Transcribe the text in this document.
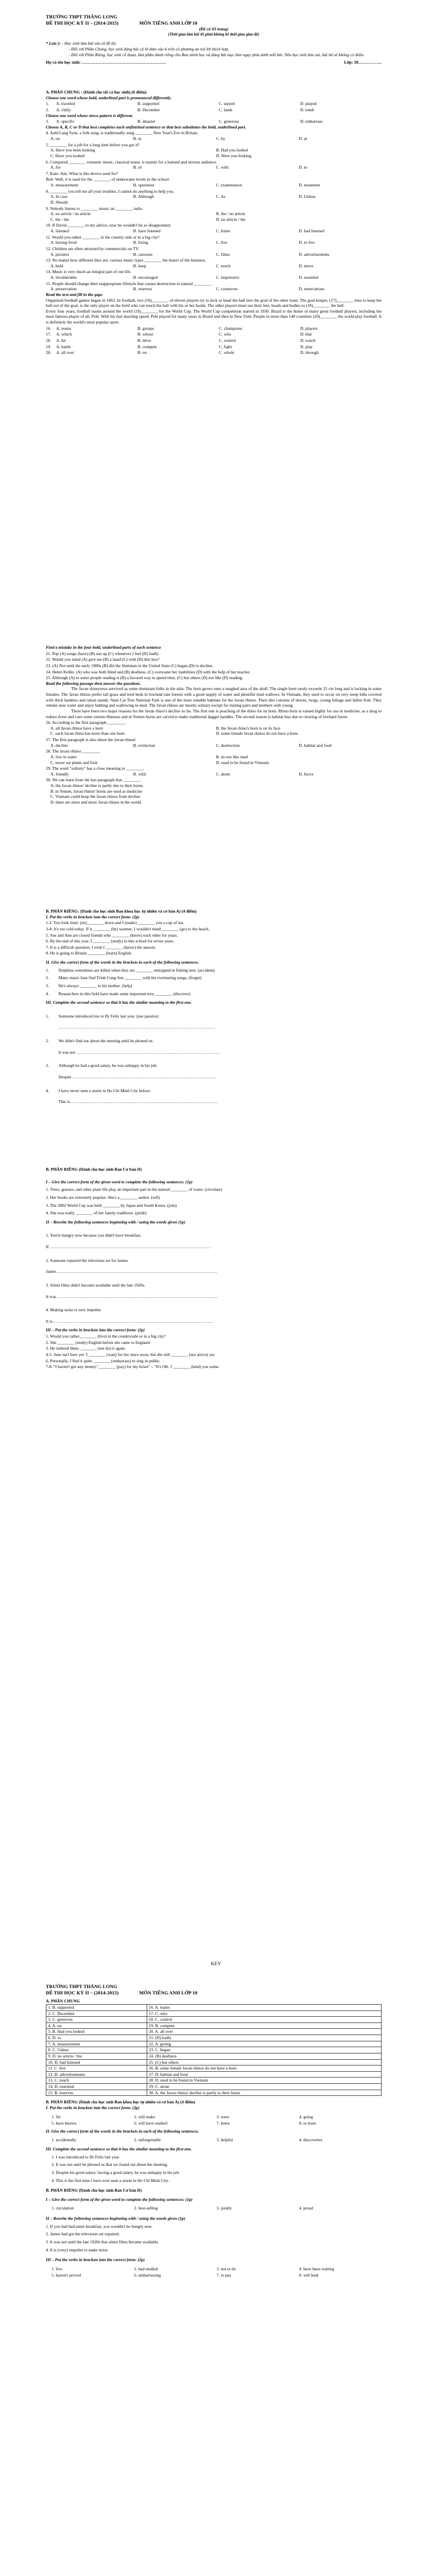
TRƯỜNG THPT THĂNG LONG
ĐỀ THI HỌC KỲ II – (2014-2015)	MÔN TIẾNG ANH LỚP 10
(Đề có 03 trang)
(Thời gian làm bài 45 phút không kể thời gian giao đề)
* Lưu ý: - Học sinh làm bài vào tờ đề thi.
- Đối với Phần Chung, học sinh đúng bài cả lớ đảm vào 6 trên có phương án trả lời thích hợp.
- Đối với Phần Riêng, học sinh cố đọan, làm phần dành riêng cho Ban mình học và đúng bài mục làm ngay phía dưới mỗi bài. Nếu học sinh làm sai, bài thi sẽ không có điểm.
Họ và tên học sinh: ……………………………………………………	Lớp: 10……………..
A. PHẦN CHUNG : (Dành cho tất cả học sinh) (6 điểm)
Choose one word whose bold, underlined part is pronounced differently.
1.	A. traveled	B. supported	C. stayed	D. played
2.	A. chilly	B. December	C. lamb	D. tomb
Choose one word whose stress pattern is different.
3.	A. specific	B. disaster	C. generous	D. embarrass
Choose A, B, C or D that best completes each unfinished sentence or that best substitutes the bold, underlined part.
4. Auld Lang Syne, a folk song, is traditionally sung ________ New Year's Eve in Britain.
A. on	B. in	C. by	D. at
5. ________ for a job for a long time before you got it?
A. Have you been looking	B. Had you looked
C. Have you looked	D. Were you looking
6. Compared ________ romantic music, classical music is mainly for a learned and serious audience.
A. for	B. of	C. with	D. to
7. Kate: Ask: What is this device used for?
Bob: Well, it is used for the ________ of underwater levels in the school.
A. measurement	B. operation	C. examination	D. treatment
8. ________ you tell me all your troubles, I cannot do anything to help you.
A. In case	B. Although	C. As	D. Unless
D. Should
9. Nobody listens to ________ music on ________ radio.
A. no article / no article	B. the / no article
C. the / the	D. no article / the
10. If David ________ to my advice, now he wouldn't be so disappointed.
A. listened	B. have listened	C. listen	D. had listened
11. Would you rather ________ in the country side or in a big city?
A. having lived	B. living	C. live	D. to live
12. Children are often attracted by commercials on TV.
A. pictures	B. cartoons	C. films	D. advertisements
13. No matter how different they are, various music types ________ the hearts of the listeners.
A. hold	B. keep	C. touch	D. move
14. Music is very much an integral part of our life.
A. invulnerable	B. encouraged	C. impressive	D. essential
15. People should change their inappropriate lifestyle that causes destruction to natural ________.
A. preservation	B. reserves	C. conserves	D. reservations
Read the text and fill in the gaps
Organized football games began in 1863. In football, two (16)________ of eleven players try to kick or head the ball into the goal of the other team. The goal keeper, (17)________ tries to keep the ball out of the goal, is the only player on the field who can touch the ball with his or her hands. The other players must use their feet, heads and bodies to (18)________ the ball.
Every four years, football teams around the world (19)________ for the World Cup. The World Cup competition started in 1930. Brazil is the home of many great football players, including the most famous player of all, Pelé. With his fast dazzling speed, Pelé played for many years in Brazil and then in New York. People in more than 140 countries (20)________ the world play football. It is definitely the world's most popular sport.
16.	A. teams	B. groups	C. champions	D. players
17.	A. which	B. whose	C. who	D. that
18.	A. hit	B. drive	C. control	D. watch
19.	A. battle	B. compete	C. fight	D. play
20.	A. all over	B. on	C. whole	D. through
Find a mistake in the four bold, underlined parts of each sentence
21. Pop (A) songs (have) (B) use up (C) whenever I feel (D) badly.
22. Would you mind (A) give me (B) a hand (C) with (D) this box?
23. (A) Not until the early 1900s (B) did the Stuttman in the United State (C) began (D) to decline.
24. Helen Keller, (A) who was both blind and (B) deafness, (C) overcame her inabilities (D) with the help of her teacher.
25. Although (A) to some people reading is (B) a favored way to spend time, (C) but others (D) not like (D) reading.
Read the following passage then answer the questions.
The Javan rhinoceros survived as some dominant folks in the skin. The horn grows onto a toughed area of the skull. The single horn rarely exceeds 25 cm long and is lacking in some females. The Javan rhinos prefer tall grass and reed beds in lowland rain forests with a good supply of water and plentiful mud wallows. In Vietnam, they used to occur on very steep hills covered with thick bamboo and rattan stands. Nam Cat Tien National Park is one of the most suitable habitats for the Javan rhinos. Their diet consists of shoots, twigs, young foliage and fallen fruit. They remain near water and enjoy bathing and wallowing in mud. The Javan rhinos are mostly solitary except for mating pairs and mothers with young.
There have been two major reasons for the Javan rhino's decline so far. The first one is poaching of the rhino for its horn. Rhino horn is valued highly for use in medicine, as a drug to reduce fever and cure some certain illnesses and in Yemen horns are carved to make traditional dagger handles. The second reason is habitat loss due to clearing of lowland forest.
26. According to the first paragraph, ________.
A. all Javan rhinos have a horn	B. the Javan rhino's horn is on its face
C. each Javan rhino has more than one horn	D. some female Javan rhinos do not have a horn.
27. The first paragraph is also about the Javan rhinos'
A. decline	B. extinction	C. destruction	D. habitat and food
28. The Javan rhinos ________.
A. live in water	B. do not like mud
C. never eat plants and fruit	D. used to be found in Vietnam
29. The word "solitary" has a close meaning to ________.
A. friendly	B. wild	C. alone	D. fierce
30. We can learn from the last paragraph that ________.
A. the Javan rhinos' decline is partly due to their horns
B. in Yemen, Javan rhinos' horns are used as medicine
C. Vietnam could keep the Javan rhinos from decline
D. there are more and more Javan rhinos in the world.
B. PHẦN RIÊNG: (Dành cho học sinh Ban khoa học tự nhiên và cơ bản A) (4 điểm)
I. Put the verbs in brackets into the correct form: (2p)
1-2. You look tired. (sit)________ down and I (make) ________ you a cup of tea.
3-4: It's too cold today. If it ________ (be) warmer, I wouldn't mind ________ (go) to the beach.
5. Sue and Ann are closed friends who ________ (know) each other for years.
6. By the end of this year, I ________ (study) in this school for seven years.
7. It is a difficult question. I wish I ________ (know) the answer.
8. He is going to Britain ________ (learn) English.
II. Give the correct form of the words in the brackets in each of the following sentences.
1.	Dolphins sometimes are killed when they are ________ entrapped in fishing nets. (accident)
2.	Many music fans find Trinh Cong Son ________ with his everlasting songs. (forget)
3.	He's always ________ to his mother. (help)
4.	Researchers in this field have made some important new________. (discover)
III. Complete the second sentence so that it has the similar meaning to the first one.
1.	Someone introduced me to Dr Felix last year. (use passive)
…………………………………………………………………………………………………
2.	We didn't find out about the meeting until he phoned us.
It was not …………………………………………………………………………………………
3.	Although he had a good salary, he was unhappy in his job.
Despite …………………………………………………………………………………………
4.	I have never seen a storm in Ho Chi Minh City before.
This is……………………………………………………………………………………………
B. PHẦN RIÊNG (Dành cho học sinh Ban Cơ bản D)
I – Give the correct form of the given word to complete the following sentences: (1p)
1. Trees, grasses, and other plant life play an important part in the natural ________ of water. (circulate)
2. Her books are extremely popular. She's a ________ author. (sell)
3. The 2002 World Cup was held ________ by Japan and South Korea. (join)
4. She was really ________ of her family traditions. (pride)
II – Rewrite the following sentences beginning with / using the words given (1p)
1. You're hungry now because you didn't have breakfast.
If ……………………………………………………………………………………………………
2. Someone repaired the television set for James.
James……………………………………………………………………………………………………
3. Silent films didn't become available until the late 1920s.
It was ……………………………………………………………………………………………………
4. Making noise is very impolite
It is……………………………………………………………………………………………………
III – Put the verbs in brackets into the correct form: (2p)
1. Would you rather________ (live) in the countryside or in a big city?
2. She ________ (study) English before she came to England.
3. He ordered them ________ (not do) it again.
4-5. June isn't here yet. I ________ (wait) for her since noon, but she still ________ (not arrive) yet.
6. Personally, I find it quite ________ (embarrass) to sing in public.
7-8. "I haven't got any money."________ (pay) for my ticket" – "It's OK. I ________ (lend) you some.
KEY
TRƯỜNG THPT THĂNG LONG
ĐỀ THI HỌC KỲ II – (2014-2015)	MÔN TIẾNG ANH LỚP 10
A. PHẦN CHUNG
1. B. supported	16. A. teams
2. C. December	17. C. who
3. C. generous	18. C. control
4. A. on	19. B. compete
5. B. Had you looked	20. A. all over
6. D. to	21. (D) badly
7. A. measurement	22. A. giving
8. C. Unless	23. C. began
9. D. no article / the	24. (B) deafness
10. D. had listened	25. (C) but others
11. C. live	26. B. some female Javan rhinos do not have a horn
12. D. advertisements	27. D. habitat and food
13. C. touch	28. D. used to be found in Vietnam
14. D. essential	29. C. alone
15. B. reserves	30. A. the Javan rhinos' decline is partly to their horns
B. PHẦN RIÊNG (Dành cho học sinh Ban khoa học tự nhiên và cơ bản A) (4 điểm)
I. Put the verbs in brackets into the correct form: (2p)
1. Sit	2. will make	3. were	4. going
5. have known	6. will have studied	7. knew	8. to learn
II. Give the correct form of the words in the brackets in each of the following sentences.
1. accidentally	2. unforgettable	3. helpful	4. discoveries
III. Complete the second sentence so that it has the similar meaning to the first one.
1. I was introduced to Dr Felix last year.
2. It was not until he phoned us that we found out about the meeting.
3. Despite his good salary/ having a good salary, he was unhappy in his job.
4. This is the first time I have ever seen a storm in Ho Chi Minh City.
B. PHẦN RIÊNG (Dành cho học sinh Ban Cơ bản D)
I – Give the correct form of the given word to complete the following sentences: (1p)
1. circulation	2. best-selling	3. jointly	4. proud
II – Rewrite the following sentences beginning with / using the words given (1p)
1. If you had had eaten breakfast, you wouldn't be hungry now.
2. James had got the television set repaired.
3. It was not until the late 1920s that silent films became available.
4. It is (very) impolite to make noise
III – Put the verbs in brackets into the correct form: (2p)
1. live	2. had studied	3. not to do	4. have been waiting
5. haven't arrived	6. embarrassing	7. to pay	8. will lend
